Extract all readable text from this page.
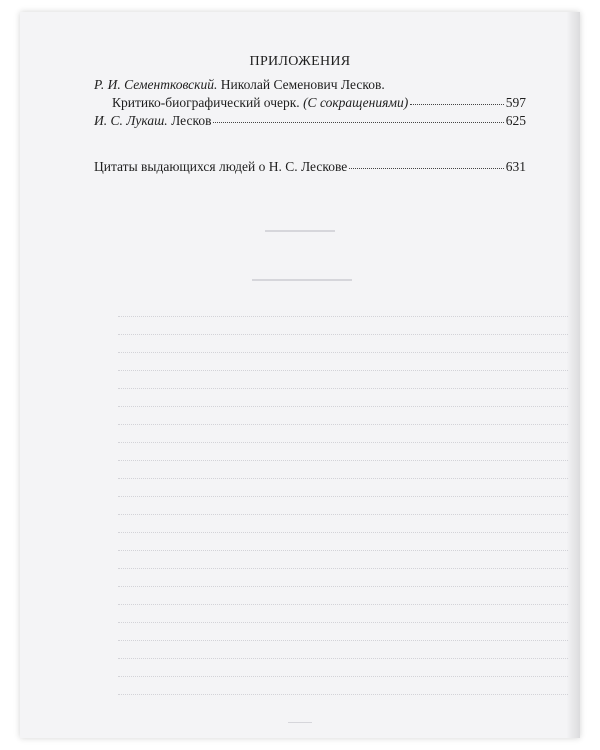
ПРИЛОЖЕНИЯ
Р. И. Сементковский. Николай Семенович Лесков.
Критико-биографический очерк. (С сокращениями)	597
И. С. Лукаш. Лесков	625
Цитаты выдающихся людей о Н. С. Лескове	631
